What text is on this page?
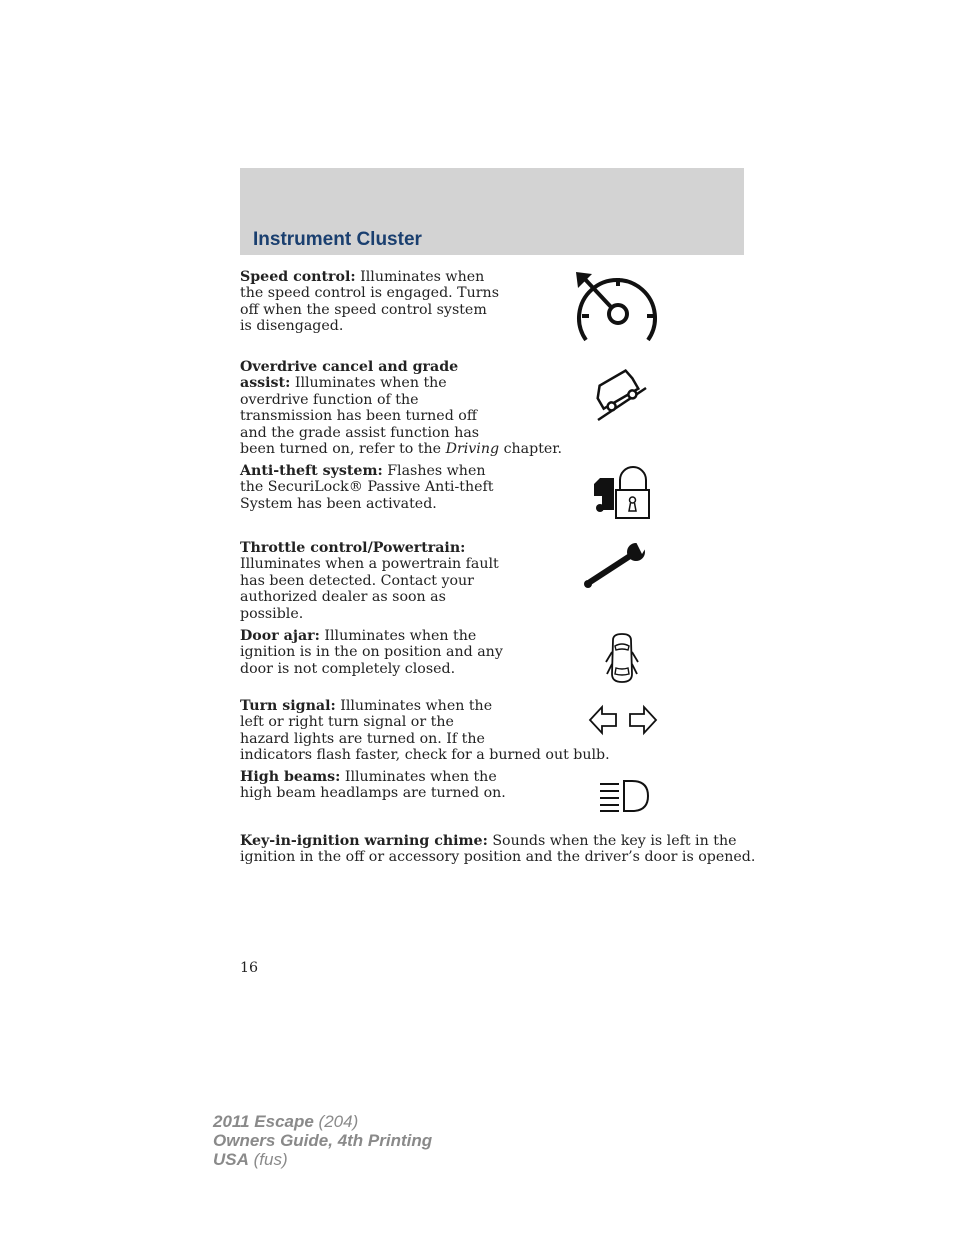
Instrument Cluster
Speed control: Illuminates when
the speed control is engaged. Turns
off when the speed control system
is disengaged.
Overdrive cancel and grade
assist: Illuminates when the
overdrive function of the
transmission has been turned off
and the grade assist function has
been turned on, refer to the Driving chapter.
Anti-theft system: Flashes when
the SecuriLock® Passive Anti-theft
System has been activated.
Throttle control/Powertrain:
Illuminates when a powertrain fault
has been detected. Contact your
authorized dealer as soon as
possible.
Door ajar: Illuminates when the
ignition is in the on position and any
door is not completely closed.
Turn signal: Illuminates when the
left or right turn signal or the
hazard lights are turned on. If the
indicators flash faster, check for a burned out bulb.
High beams: Illuminates when the
high beam headlamps are turned on.
Key-in-ignition warning chime: Sounds when the key is left in the
ignition in the off or accessory position and the driver’s door is opened.
16
2011 Escape (204)
Owners Guide, 4th Printing
USA (fus)
